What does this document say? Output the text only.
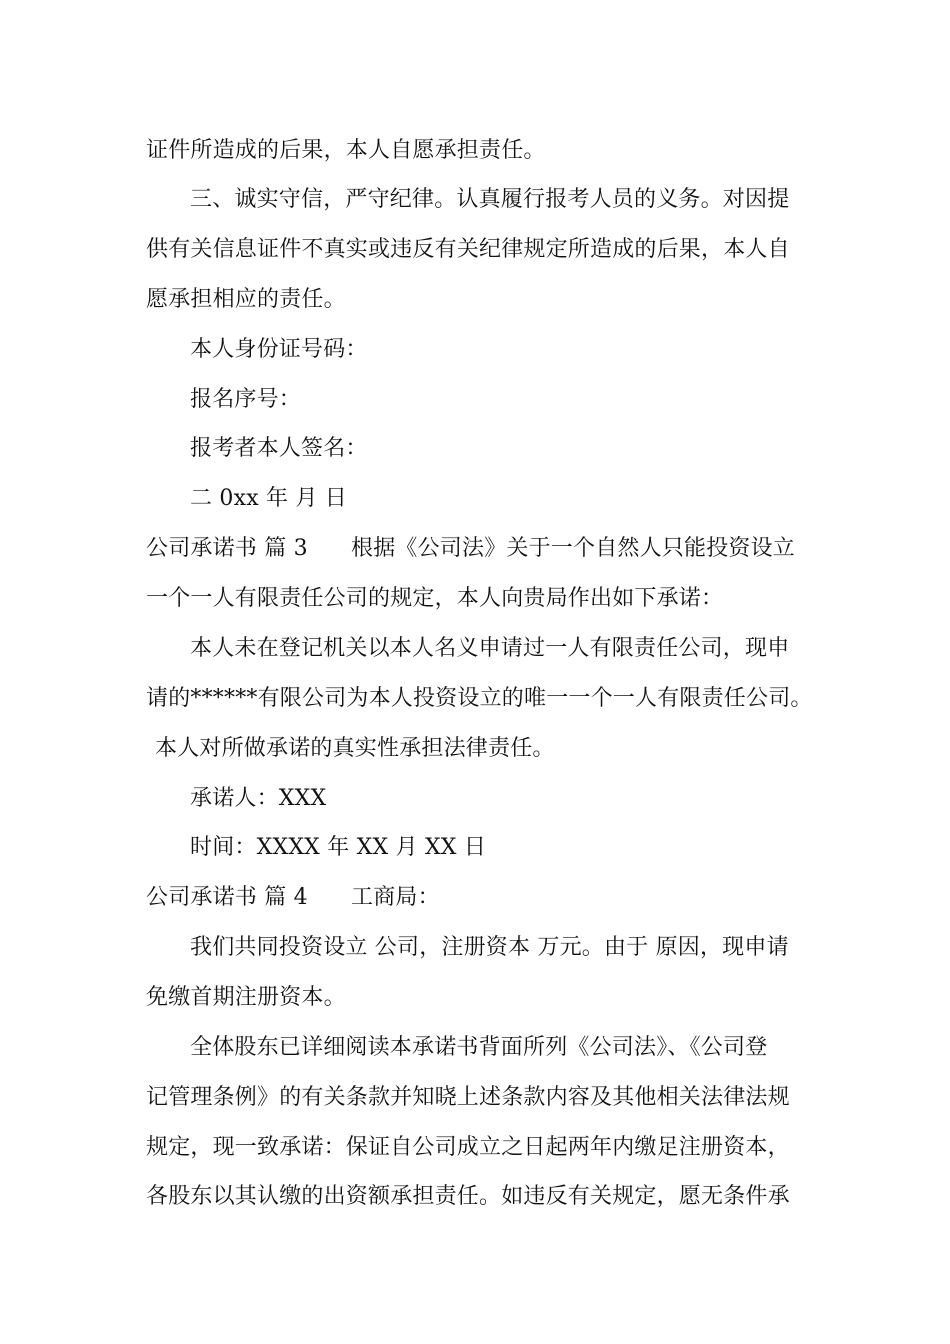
证件所造成的后果，本人自愿承担责任。
三、诚实守信，严守纪律。认真履行报考人员的义务。对因提
供有关信息证件不真实或违反有关纪律规定所造成的后果，本人自
愿承担相应的责任。
本人身份证号码：
报名序号：
报考者本人签名：
二 0xx 年 月 日
公司承诺书 篇 3 根据《公司法》关于一个自然人只能投资设立
一个一人有限责任公司的规定，本人向贵局作出如下承诺：
本人未在登记机关以本人名义申请过一人有限责任公司，现申
请的******有限公司为本人投资设立的唯一一个一人有限责任公司。
本人对所做承诺的真实性承担法律责任。
承诺人：XXX
时间：XXXX 年 XX 月 XX 日
公司承诺书 篇 4 工商局：
我们共同投资设立 公司，注册资本 万元。由于 原因，现申请
免缴首期注册资本。
全体股东已详细阅读本承诺书背面所列《公司法》、《公司登
记管理条例》的有关条款并知晓上述条款内容及其他相关法律法规
规定，现一致承诺：保证自公司成立之日起两年内缴足注册资本，
各股东以其认缴的出资额承担责任。如违反有关规定，愿无条件承
